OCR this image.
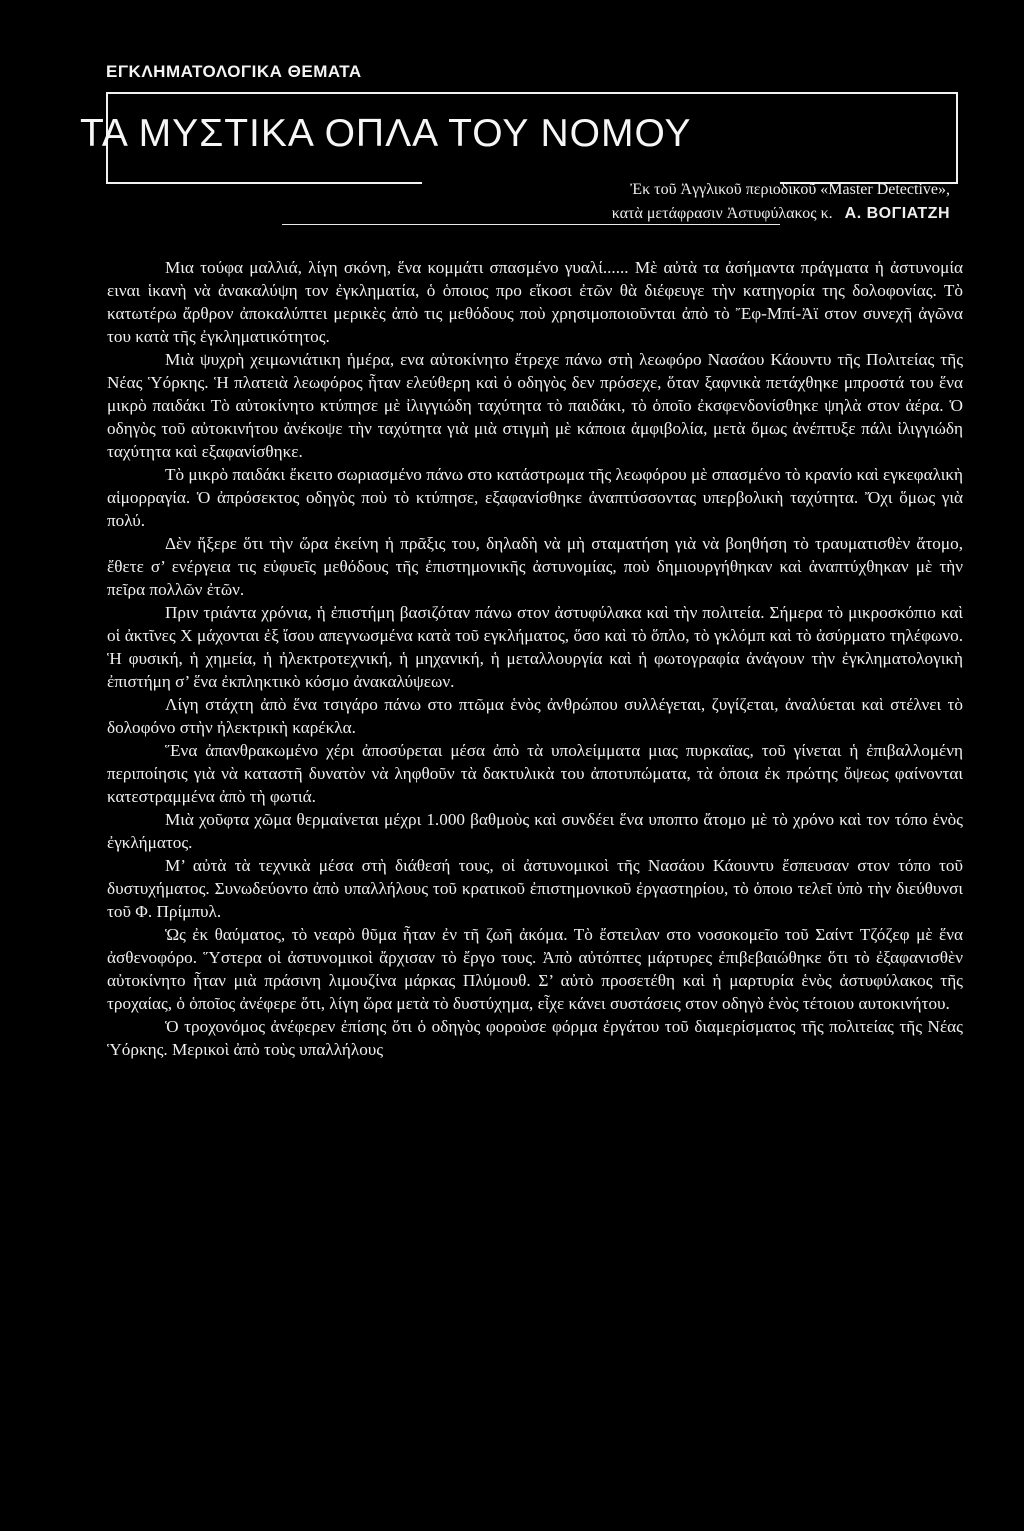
ΕΓΚΛΗΜΑΤΟΛΟΓΙΚΑ ΘΕΜΑΤΑ
ΤΑ ΜΥΣΤΙΚΑ ΟΠΛΑ ΤΟΥ ΝΟΜΟΥ
Ἐκ τοῦ Ἀγγλικοῦ περιοδικοῦ «Master Detective»,
κατὰ μετάφρασιν Ἀστυφύλακος κ. Α. ΒΟΓΙΑΤΖΗ

Μια τούφα μαλλιά, λίγη σκόνη, ἕνα κομμάτι σπασμένο γυαλί...... Μὲ αὐτὰ τα ἀσήμαντα πράγματα ἡ ἀστυνομία ειναι ἱκανὴ νὰ ἀνακαλύψη τον ἐγκληματία, ὁ ὁποιος προ εἴκοσι ἐτῶν θὰ διέφευγε τὴν κατηγορία της δολοφονίας. Τὸ κατωτέρω ἄρθρον ἀποκαλύπτει μερικὲς ἀπὸ τις μεθόδους ποὺ χρησιμοποιοῦνται ἀπὸ τὸ Ἔφ-Μπί-Ἀϊ στον συνεχῆ ἀγῶνα του κατὰ τῆς ἐγκληματικότητος.

Μιὰ ψυχρὴ χειμωνιάτικη ἡμέρα, ενα αὐτοκίνητο ἔτρεχε πάνω στὴ λεωφόρο Νασάου Κάουντυ τῆς Πολιτείας τῆς Νέας Ὑόρκης. Ἡ πλατειὰ λεωφόρος ἦταν ελεύθερη καὶ ὁ οδηγὸς δεν πρόσεχε, ὅταν ξαφνικὰ πετάχθηκε μπροστά του ἕνα μικρὸ παιδάκι Τὸ αὐτοκίνητο κτύπησε μὲ ἰλιγγιώδη ταχύτητα τὸ παιδάκι, τὸ ὁποῖο ἐκσφενδονίσθηκε ψηλὰ στον ἀέρα. Ὁ οδηγὸς τοῦ αὐτοκινήτου ἀνέκοψε τὴν ταχύτητα γιὰ μιὰ στιγμὴ μὲ κάποια ἀμφιβολία, μετὰ ὅμως ἀνέπτυξε πάλι ἰλιγγιώδη ταχύτητα καὶ εξαφανίσθηκε.

Τὸ μικρὸ παιδάκι ἔκειτο σωριασμένο πάνω στο κατάστρωμα τῆς λεωφόρου μὲ σπασμένο τὸ κρανίο καὶ εγκεφαλικὴ αἱμορραγία. Ὁ ἀπρόσεκτος οδηγὸς ποὺ τὸ κτύπησε, εξαφανίσθηκε ἀναπτύσσοντας υπερβολικὴ ταχύτητα. Ὄχι ὅμως γιὰ πολύ.

Δὲν ἤξερε ὅτι τὴν ὥρα ἐκείνη ἡ πρᾶξις του, δηλαδὴ νὰ μὴ σταματήση γιὰ νὰ βοηθήση τὸ τραυματισθὲν ἄτομο, ἔθετε σ’ ενέργεια τις εὐφυεῖς μεθόδους τῆς ἐπιστημονικῆς ἀστυνομίας, ποὺ δημιουργήθηκαν καὶ ἀναπτύχθηκαν μὲ τὴν πεῖρα πολλῶν ἐτῶν.

Πριν τριάντα χρόνια, ἡ ἐπιστήμη βασιζόταν πάνω στον ἀστυφύλακα καὶ τὴν πολιτεία. Σήμερα τὸ μικροσκόπιο καὶ οἱ ἀκτῖνες Χ μάχονται ἐξ ἴσου απεγνωσμένα κατὰ τοῦ εγκλήματος, ὅσο καὶ τὸ ὅπλο, τὸ γκλόμπ καὶ τὸ ἀσύρματο τηλέφωνο. Ἡ φυσική, ἡ χημεία, ἡ ἠλεκτροτεχνική, ἡ μηχανική, ἡ μεταλλουργία καὶ ἡ φωτογραφία ἀνάγουν τὴν ἐγκληματολογικὴ ἐπιστήμη σ’ ἕνα ἐκπληκτικὸ κόσμο ἀνακαλύψεων.

Λίγη στάχτη ἀπὸ ἕνα τσιγάρο πάνω στο πτῶμα ἑνὸς ἀνθρώπου συλλέγεται, ζυγίζεται, ἀναλύεται καὶ στέλνει τὸ δολοφόνο στὴν ἠλεκτρικὴ καρέκλα.

Ἕνα ἀπανθρακωμένο χέρι ἀποσύρεται μέσα ἀπὸ τὰ υπολείμματα μιας πυρκαϊας, τοῦ γίνεται ἡ ἐπιβαλλομένη περιποίησις γιὰ νὰ καταστῆ δυνατὸν νὰ ληφθοῦν τὰ δακτυλικὰ του ἀποτυπώματα, τὰ ὁποια ἐκ πρώτης ὄψεως φαίνονται κατεστραμμένα ἀπὸ τὴ φωτιά.

Μιὰ χοῦφτα χῶμα θερμαίνεται μέχρι 1.000 βαθμοὺς καὶ συνδέει ἕνα υποπτο ἄτομο μὲ τὸ χρόνο καὶ τον τόπο ἑνὸς ἐγκλήματος.

Μ’ αὐτὰ τὰ τεχνικὰ μέσα στὴ διάθεσή τους, οἱ ἀστυνομικοὶ τῆς Νασάου Κάουντυ ἔσπευσαν στον τόπο τοῦ δυστυχήματος. Συνωδεύοντο ἀπὸ υπαλλήλους τοῦ κρατικοῦ ἐπιστημονικοῦ ἐργαστηρίου, τὸ ὁποιο τελεῖ ὑπὸ τὴν διεύθυνσι τοῦ Φ. Πρίμπυλ.

Ὡς ἐκ θαύματος, τὸ νεαρὸ θῦμα ἦταν ἐν τῆ ζωῆ ἀκόμα. Τὸ ἔστειλαν στο νοσοκομεῖο τοῦ Σαίντ Τζόζεφ μὲ ἕνα ἀσθενοφόρο. Ὕστερα οἱ ἀστυνομικοὶ ἄρχισαν τὸ ἔργο τους. Ἀπὸ αὐτόπτες μάρτυρες ἐπιβεβαιώθηκε ὅτι τὸ ἐξαφανισθὲν αὐτοκίνητο ἦταν μιὰ πράσινη λιμουζίνα μάρκας Πλύμουθ. Σ’ αὐτὸ προσετέθη καὶ ἡ μαρτυρία ἑνὸς ἀστυφύλακος τῆς τροχαίας, ὁ ὁποῖος ἀνέφερε ὅτι, λίγη ὥρα μετὰ τὸ δυστύχημα, εἶχε κάνει συστάσεις στον οδηγὸ ἑνὸς τέτοιου αυτοκινήτου.

Ὁ τροχονόμος ἀνέφερεν ἐπίσης ὅτι ὁ οδηγὸς φοροὺσε φόρμα ἐργάτου τοῦ διαμερίσματος τῆς πολιτείας τῆς Νέας Ὑόρκης. Μερικοὶ ἀπὸ τοὺς υπαλλήλους
